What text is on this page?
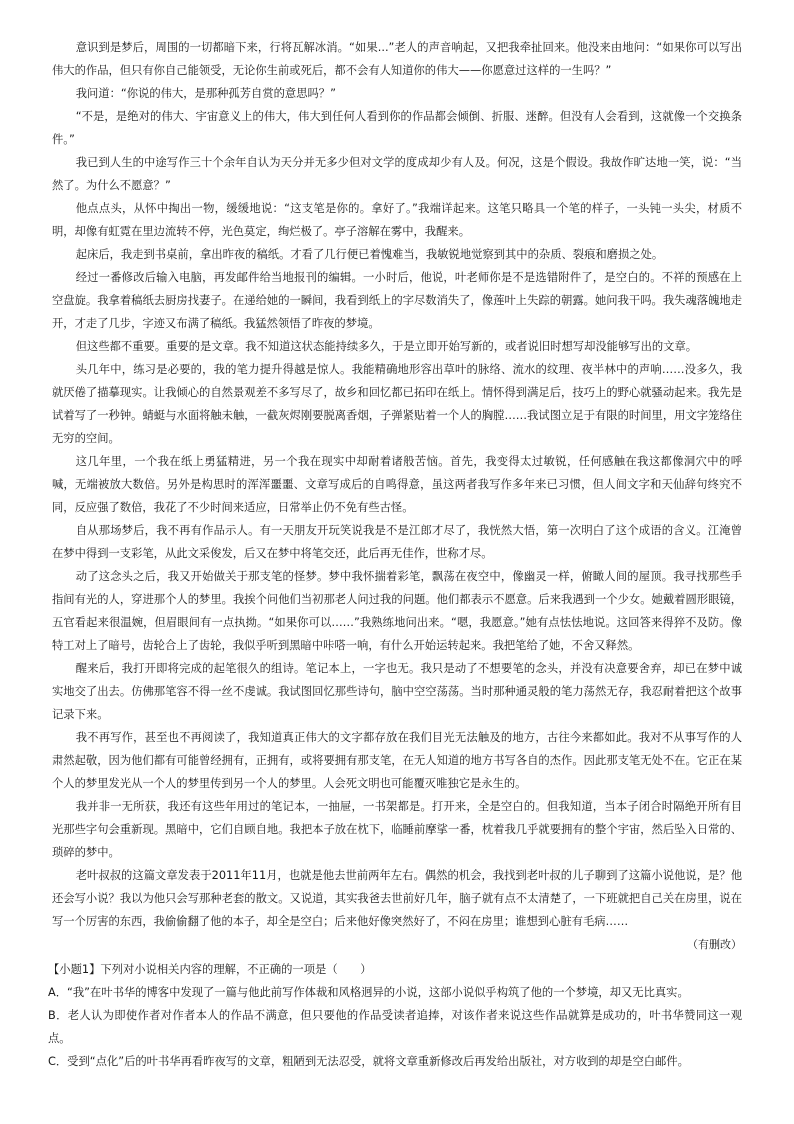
意识到是梦后，周围的一切都暗下来，行将瓦解冰消。“如果...”老人的声音响起，又把我牵扯回来。他没来由地问：“如果你可以写出伟大的作品，但只有你自己能领受，无论你生前或死后，都不会有人知道你的伟大——你愿意过这样的一生吗？”

我问道：“你说的伟大，是那种孤芳自赏的意思吗？”

“不是，是绝对的伟大、宇宙意义上的伟大，伟大到任何人看到你的作品都会倾倒、折服、迷醉。但没有人会看到，这就像一个交换条件。”

我已到人生的中途写作三十个余年自认为天分并无多少但对文学的度成却少有人及。何况，这是个假设。我故作旷达地一笑，说：“当然了。为什么不愿意？”

他点点头，从怀中掏出一物，缓缓地说：“这支笔是你的。拿好了。”我端详起来。这笔只略具一个笔的样子，一头钝一头尖，材质不明，却像有虹霓在里边流转不停，光色莫定，绚烂极了。亭子溶解在雾中，我醒来。

起床后，我走到书桌前，拿出昨夜的稿纸。才看了几行便已着愧难当，我敏锐地觉察到其中的杂质、裂痕和磨损之处。

经过一番修改后输入电脑，再发邮件给当地报刊的编辑。一小时后，他说，叶老师你是不是选错附件了，是空白的。不祥的预感在上空盘旋。我拿着稿纸去厨房找妻子。在递给她的一瞬间，我看到纸上的字尽数消失了，像莲叶上失踪的朝露。她问我干吗。我失魂落魄地走开，才走了几步，字迹又布满了稿纸。我猛然领悟了昨夜的梦境。

但这些都不重要。重要的是文章。我不知道这状态能持续多久，于是立即开始写新的，或者说旧时想写却没能够写出的文章。

头几年中，练习是必要的，我的笔力提升得越是惊人。我能精确地形容出草叶的脉络、流水的纹理、夜半林中的声响……没多久，我就厌倦了描摹现实。让我倾心的自然景观差不多写尽了，故乡和回忆都已拓印在纸上。情怀得到满足后，技巧上的野心就骚动起来。我先是试着写了一秒钟。蜻蜓与水面将触未触，一截灰烬刚要脱离香烟，子弹紧贴着一个人的胸膛……我试图立足于有限的时间里，用文字笼络住无穷的空间。

这几年里，一个我在纸上勇猛精进，另一个我在现实中却耐着诸般苦恼。首先，我变得太过敏锐，任何感触在我这都像洞穴中的呼喊，无端被放大数倍。另外是构思时的浑浑噩噩、文章写成后的自鸣得意，虽这两者我写作多年来已习惯，但人间文字和天仙辞句终究不同，反应强了数倍，我花了不少时间来适应，日常举止仍不免有些古怪。

自从那场梦后，我不再有作品示人。有一天朋友开玩笑说我是不是江郎才尽了，我恍然大悟，第一次明白了这个成语的含义。江淹曾在梦中得到一支彩笔，从此文采俊发，后又在梦中将笔交还，此后再无佳作，世称才尽。

动了这念头之后，我又开始做关于那支笔的怪梦。梦中我怀揣着彩笔，飘荡在夜空中，像幽灵一样，俯瞰人间的屋顶。我寻找那些手指间有光的人，穿进那个人的梦里。我挨个问他们当初那老人问过我的问题。他们都表示不愿意。后来我遇到一个少女。她戴着圆形眼镜，五官看起来很温婉，但眉眼间有一点执拗。“如果你可以……”我熟练地问出来。“嗯，我愿意。”她有点怯怯地说。这回答来得猝不及防。像特工对上了暗号，齿轮合上了齿轮，我似乎听到黑暗中咔嗒一响，有什么开始运转起来。我把笔给了她，不舍又释然。

醒来后，我打开即将完成的起笔很久的组诗。笔记本上，一字也无。我只是动了不想要笔的念头，并没有决意要舍弃，却已在梦中诚实地交了出去。仿佛那笔容不得一丝不虔诚。我试图回忆那些诗句，脑中空空荡荡。当时那种通灵般的笔力荡然无存，我忍耐着把这个故事记录下来。

我不再写作，甚至也不再阅读了，我知道真正伟大的文字都存放在我们目光无法触及的地方，古往今来都如此。我对不从事写作的人肃然起敬，因为他们都有可能曾经拥有，正拥有，或将要拥有那支笔，在无人知道的地方书写各自的杰作。因此那支笔无处不在。它正在某个人的梦里发光从一个人的梦里传到另一个人的梦里。人会死文明也可能覆灭唯独它是永生的。

我并非一无所获，我还有这些年用过的笔记本，一抽屉，一书架都是。打开来，全是空白的。但我知道，当本子闭合时隔绝开所有目光那些字句会重新现。黑暗中，它们自顾自地。我把本子放在枕下，临睡前摩挲一番，枕着我几乎就要拥有的整个宇宙，然后坠入日常的、琐碎的梦中。

老叶叔叔的这篇文章发表于2011年11月，也就是他去世前两年左右。偶然的机会，我找到老叶叔的儿子聊到了这篇小说他说，是？他还会写小说？我以为他只会写那种老套的散文。又说道，其实我爸去世前好几年，脑子就有点不太清楚了，一下班就把自己关在房里，说在写一个厉害的东西，我偷偷翻了他的本子，却全是空白；后来他好像突然好了，不闷在房里；谁想到心脏有毛病……

（有删改）

【小题1】下列对小说相关内容的理解，不正确的一项是（　　）

A．“我”在叶书华的博客中发现了一篇与他此前写作体裁和风格迥异的小说，这部小说似乎构筑了他的一个梦境，却又无比真实。

B．老人认为即使作者对作者本人的作品不满意，但只要他的作品受读者追捧，对该作者来说这些作品就算是成功的，叶书华赞同这一观点。

C．受到“点化”后的叶书华再看昨夜写的文章，粗陋到无法忍受，就将文章重新修改后再发给出版社，对方收到的却是空白邮件。
